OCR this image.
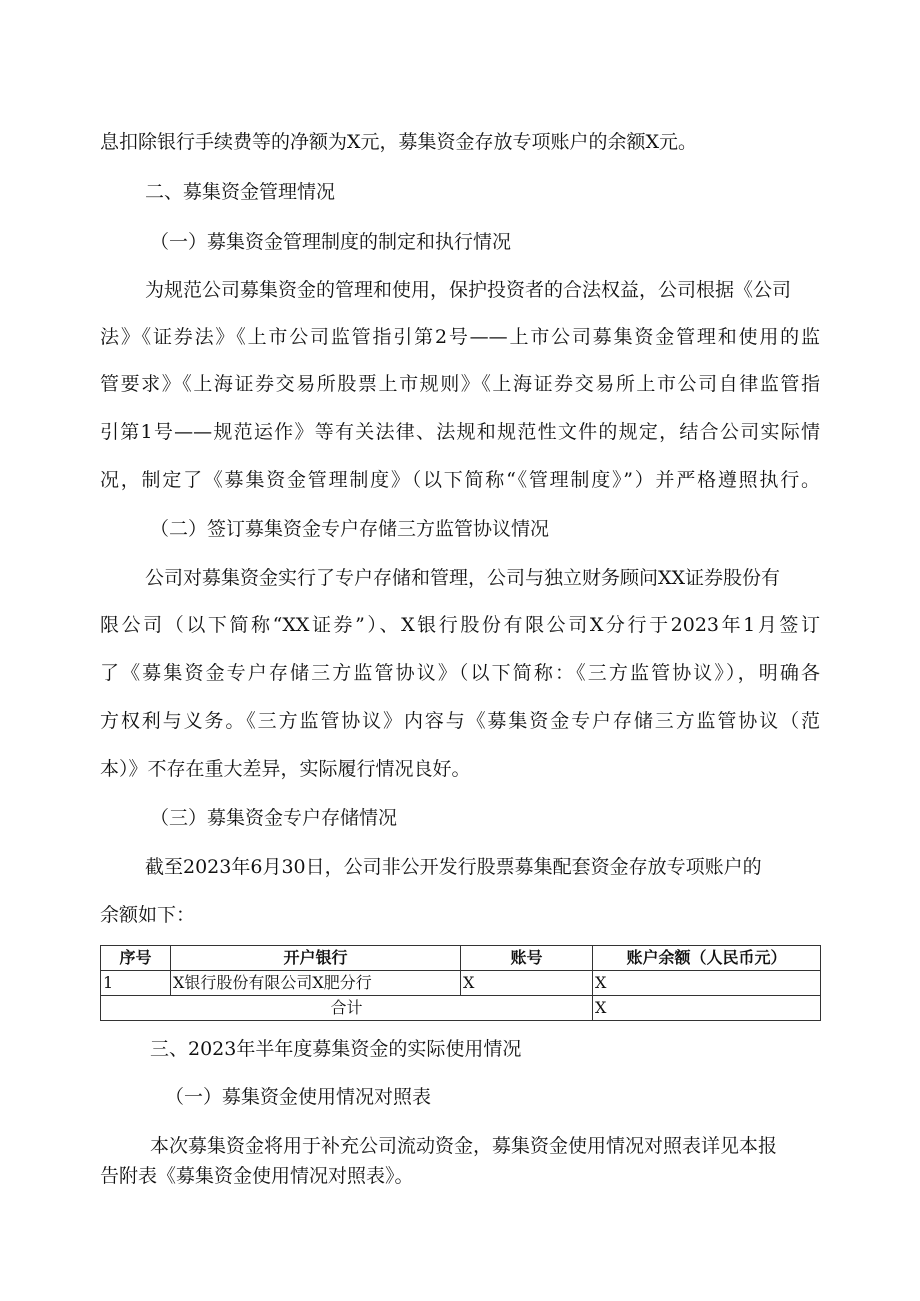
息扣除银行手续费等的净额为X元，募集资金存放专项账户的余额X元。

二、募集资金管理情况

（一）募集资金管理制度的制定和执行情况

为规范公司募集资金的管理和使用，保护投资者的合法权益，公司根据《公司

法》《证券法》《上市公司监管指引第2号——上市公司募集资金管理和使用的监

管要求》《上海证券交易所股票上市规则》《上海证券交易所上市公司自律监管指

引第1号——规范运作》等有关法律、法规和规范性文件的规定，结合公司实际情

况，制定了《募集资金管理制度》（以下简称“《管理制度》”）并严格遵照执行。

（二）签订募集资金专户存储三方监管协议情况

公司对募集资金实行了专户存储和管理，公司与独立财务顾问XX证券股份有

限公司（以下简称“XX证券”）、X银行股份有限公司X分行于2023年1月签订

了《募集资金专户存储三方监管协议》（以下简称：《三方监管协议》），明确各

方权利与义务。《三方监管协议》内容与《募集资金专户存储三方监管协议（范

本）》不存在重大差异，实际履行情况良好。

（三）募集资金专户存储情况

截至2023年6月30日，公司非公开发行股票募集配套资金存放专项账户的

余额如下：

序号	开户银行	账号	账户余额（人民币元）
1	X银行股份有限公司X肥分行	X	X
合计			X

三、2023年半年度募集资金的实际使用情况

（一）募集资金使用情况对照表

本次募集资金将用于补充公司流动资金，募集资金使用情况对照表详见本报

告附表《募集资金使用情况对照表》。
